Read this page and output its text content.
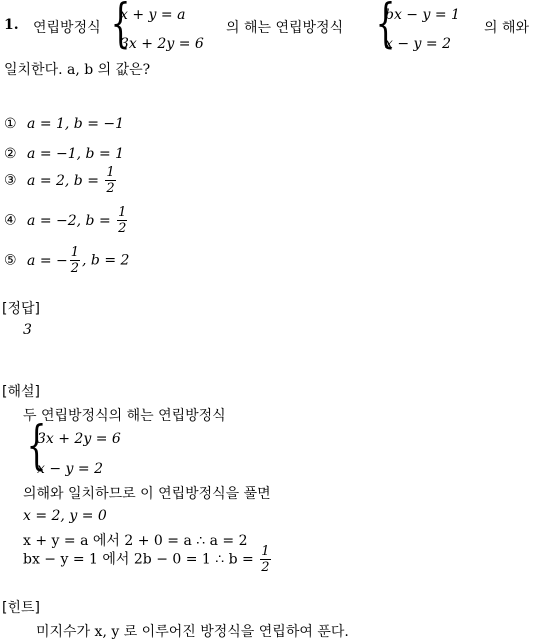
1. 연립방정식 {
x + y = a
3x + 2y = 6
의 해는 연립방정식 {
bx − y = 1
x − y = 2
의 해와
일치한다. a, b 의 값은?
① a = 1, b = −1
② a = −1, b = 1
③ a = 2, $b = \frac{1}{2}$
④ a = −2, $b = \frac{1}{2}$
⑤ a = − $\frac{1}{2}$ , b = 2
[정답]
3
[해설]
두 연립방정식의 해는 연립방정식
{
3x + 2y = 6
x − y = 2
의해와 일치하므로 이 연립방정식을 풀면
x = 2, y = 0
x + y = a 에서 2 + 0 = a ∴ a = 2
bx − y = 1 에서 2b − 0 = 1 ∴ $b = \frac{1}{2}$
[힌트]
미지수가 x, y 로 이루어진 방정식을 연립하여 푼다.
